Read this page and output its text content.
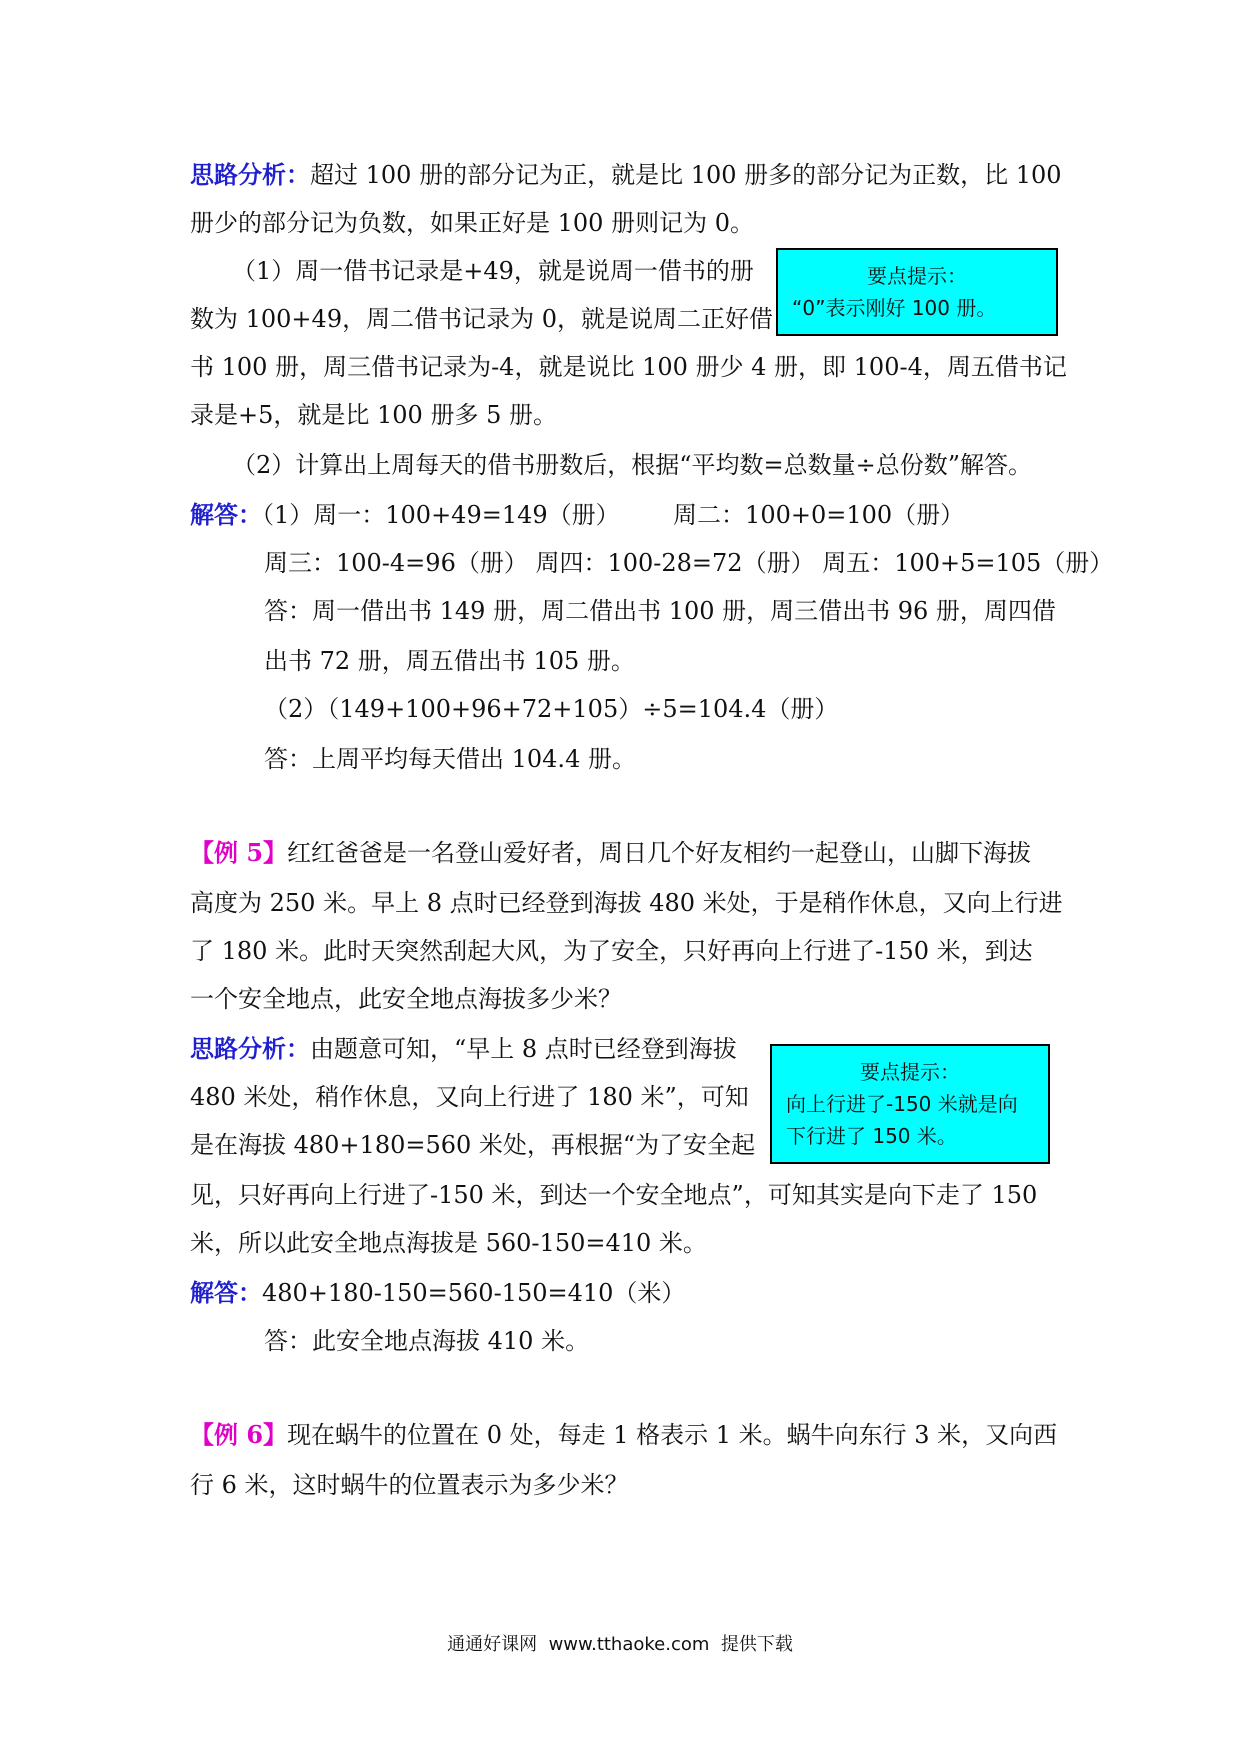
思路分析：超过 100 册的部分记为正，就是比 100 册多的部分记为正数，比 100
册少的部分记为负数，如果正好是 100 册则记为 0。
（1）周一借书记录是+49，就是说周一借书的册
数为 100+49，周二借书记录为 0，就是说周二正好借
书 100 册，周三借书记录为-4，就是说比 100 册少 4 册，即 100-4，周五借书记
录是+5，就是比 100 册多 5 册。
（2）计算出上周每天的借书册数后，根据“平均数=总数量÷总份数”解答。
要点提示：
“0”表示刚好 100 册。
解答：（1）周一：100+49=149（册）       周二：100+0=100（册）
周三：100-4=96（册） 周四：100-28=72（册） 周五：100+5=105（册）
答：周一借出书 149 册，周二借出书 100 册，周三借出书 96 册，周四借
出书 72 册，周五借出书 105 册。
（2）（149+100+96+72+105）÷5=104.4（册）
答：上周平均每天借出 104.4 册。
【例 5】红红爸爸是一名登山爱好者，周日几个好友相约一起登山，山脚下海拔
高度为 250 米。早上 8 点时已经登到海拔 480 米处，于是稍作休息，又向上行进
了 180 米。此时天突然刮起大风，为了安全，只好再向上行进了-150 米，到达
一个安全地点，此安全地点海拔多少米？
思路分析：由题意可知，“早上 8 点时已经登到海拔
480 米处，稍作休息，又向上行进了 180 米”，可知
是在海拔 480+180=560 米处，再根据“为了安全起
见，只好再向上行进了-150 米，到达一个安全地点”，可知其实是向下走了 150
米，所以此安全地点海拔是 560-150=410 米。
要点提示：
向上行进了-150 米就是向
下行进了 150 米。
解答：480+180-150=560-150=410（米）
答：此安全地点海拔 410 米。
【例 6】现在蜗牛的位置在 0 处，每走 1 格表示 1 米。蜗牛向东行 3 米，又向西
行 6 米，这时蜗牛的位置表示为多少米？
通通好课网  www.tthaoke.com  提供下载
